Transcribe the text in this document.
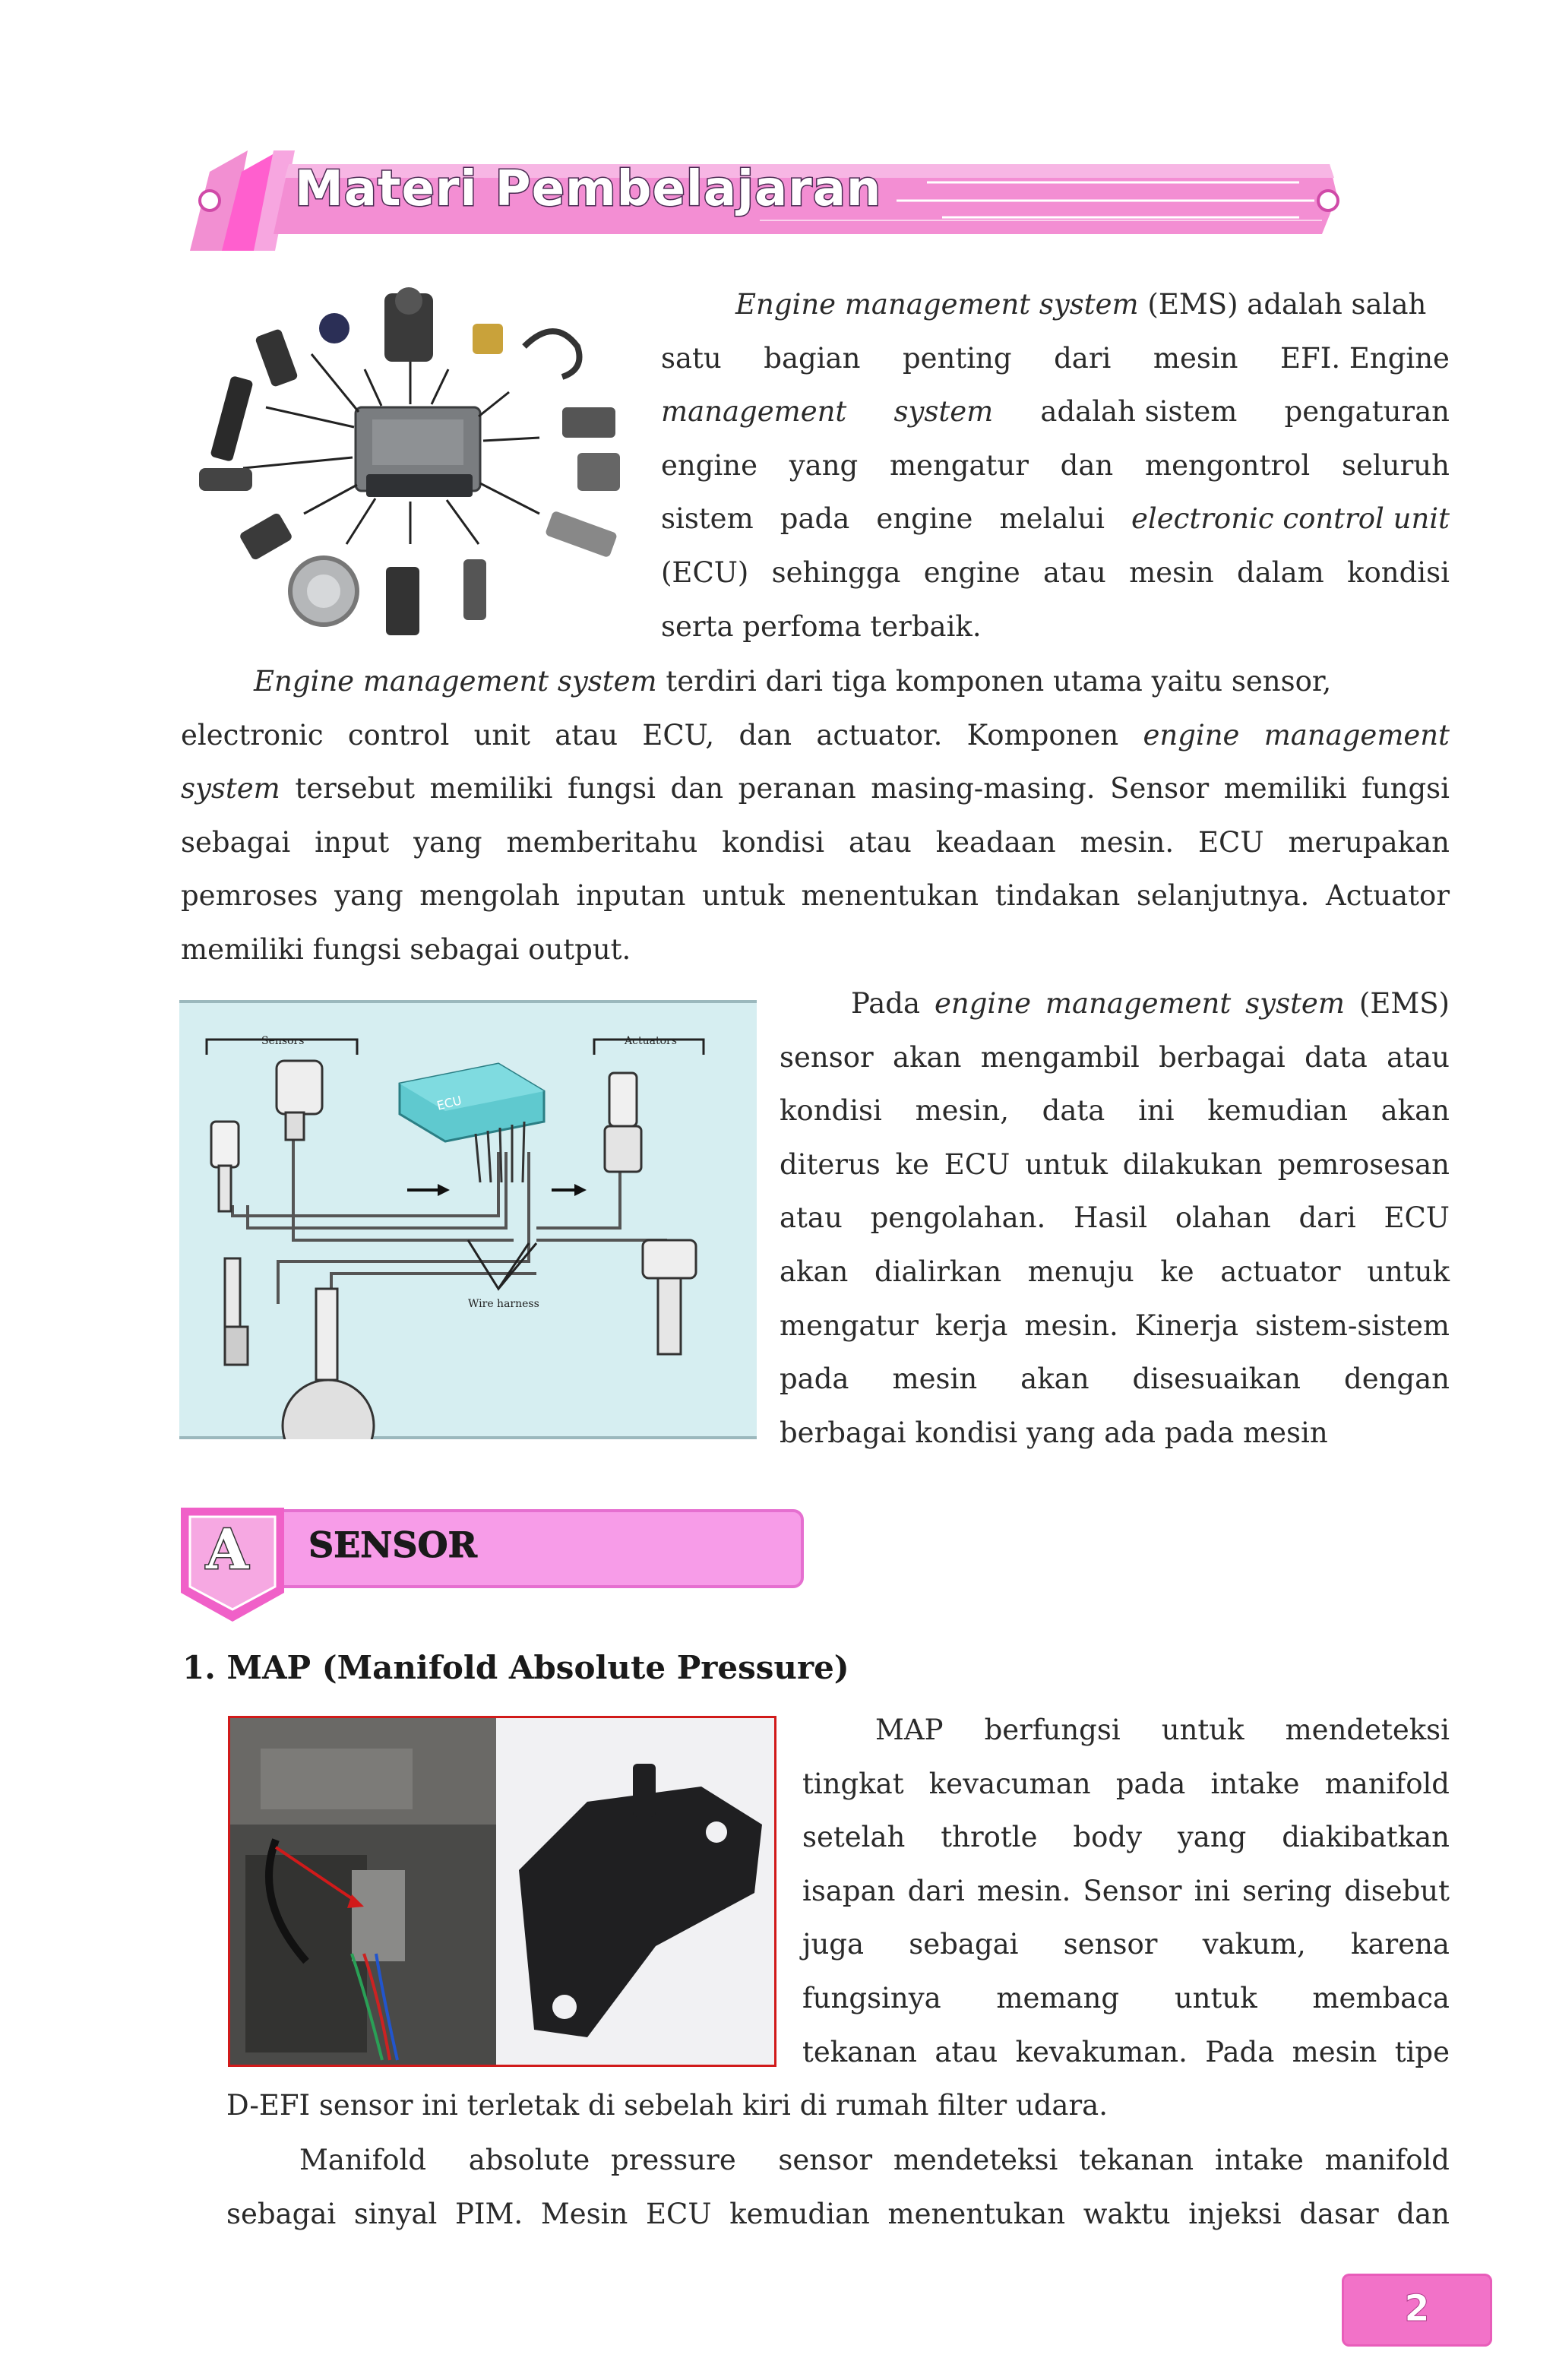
Materi Pembelajaran
Engine management system (EMS) adalah salah
satu bagian penting dari mesin EFI. Engine
management system adalah sistem pengaturan
engine yang mengatur dan mengontrol seluruh
sistem pada engine melalui electronic control unit
(ECU) sehingga engine atau mesin dalam kondisi
serta perfoma terbaik.
Engine management system terdiri dari tiga komponen utama yaitu sensor,
electronic control unit atau ECU, dan actuator. Komponen engine management
system tersebut memiliki fungsi dan peranan masing-masing. Sensor memiliki fungsi
sebagai input yang memberitahu kondisi atau keadaan mesin. ECU merupakan
pemroses yang mengolah inputan untuk menentukan tindakan selanjutnya. Actuator
memiliki fungsi sebagai output.
Sensors	Actuators
Wire harness
ECU
Pada engine management system (EMS)
sensor akan mengambil berbagai data atau
kondisi mesin, data ini kemudian akan
diterus ke ECU untuk dilakukan pemrosesan
atau pengolahan. Hasil olahan dari ECU
akan dialirkan menuju ke actuator untuk
mengatur kerja mesin. Kinerja sistem-sistem
pada mesin akan disesuaikan dengan
berbagai kondisi yang ada pada mesin
A SENSOR
1. MAP (Manifold Absolute Pressure)
MAP berfungsi untuk mendeteksi
tingkat kevacuman pada intake manifold
setelah throtle body yang diakibatkan
isapan dari mesin. Sensor ini sering disebut
juga sebagai sensor vakum, karena
fungsinya memang untuk membaca
tekanan atau kevakuman. Pada mesin tipe
D-EFI sensor ini terletak di sebelah kiri di rumah filter udara.
Manifold  absolute pressure  sensor mendeteksi tekanan intake manifold
sebagai sinyal PIM. Mesin ECU kemudian menentukan waktu injeksi dasar dan
2
